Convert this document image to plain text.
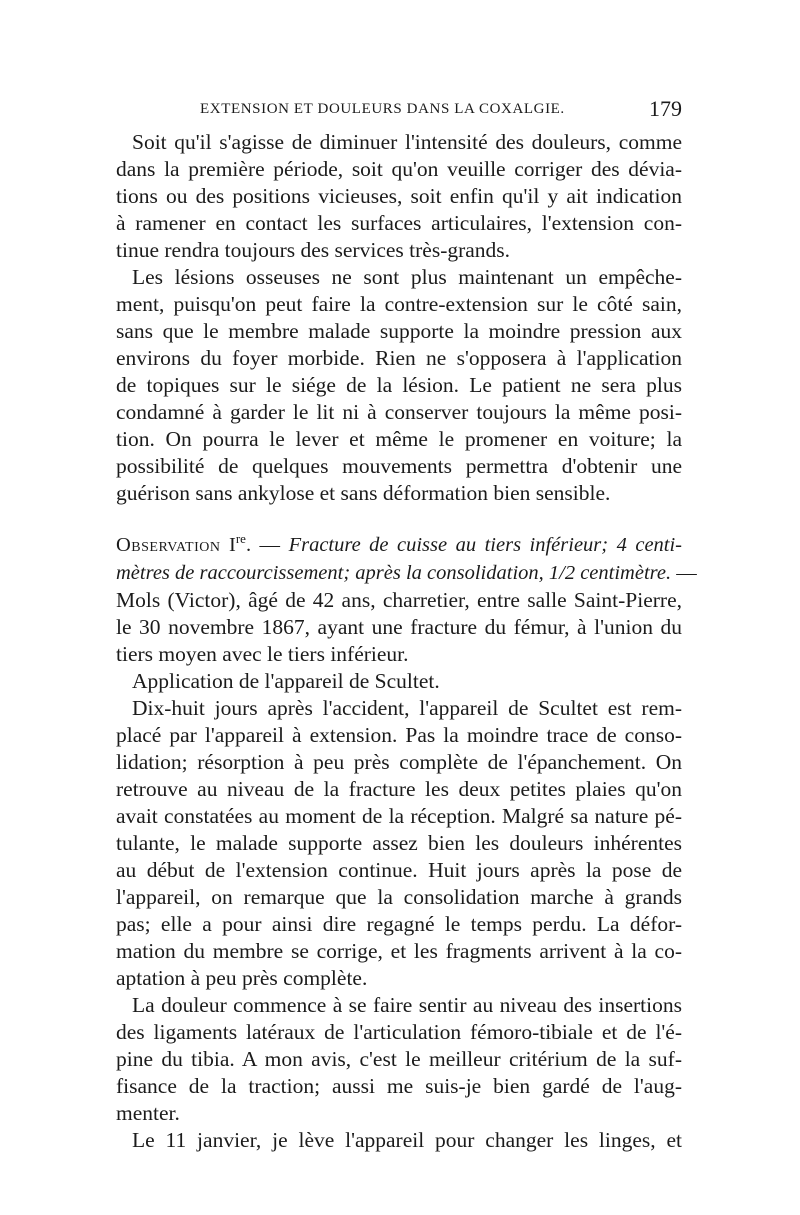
EXTENSION ET DOULEURS DANS LA COXALGIE.	179
Soit qu'il s'agisse de diminuer l'intensité des douleurs, comme
dans la première période, soit qu'on veuille corriger des dévia-
tions ou des positions vicieuses, soit enfin qu'il y ait indication
à ramener en contact les surfaces articulaires, l'extension con-
tinue rendra toujours des services très-grands.
Les lésions osseuses ne sont plus maintenant un empêche-
ment, puisqu'on peut faire la contre-extension sur le côté sain,
sans que le membre malade supporte la moindre pression aux
environs du foyer morbide. Rien ne s'opposera à l'application
de topiques sur le siége de la lésion. Le patient ne sera plus
condamné à garder le lit ni à conserver toujours la même posi-
tion. On pourra le lever et même le promener en voiture; la
possibilité de quelques mouvements permettra d'obtenir une
guérison sans ankylose et sans déformation bien sensible.
Observation Ire. — Fracture de cuisse au tiers inférieur; 4 centi-
mètres de raccourcissement; après la consolidation, 1/2 centimètre. —
Mols (Victor), âgé de 42 ans, charretier, entre salle Saint-Pierre,
le 30 novembre 1867, ayant une fracture du fémur, à l'union du
tiers moyen avec le tiers inférieur.
Application de l'appareil de Scultet.
Dix-huit jours après l'accident, l'appareil de Scultet est rem-
placé par l'appareil à extension. Pas la moindre trace de conso-
lidation; résorption à peu près complète de l'épanchement. On
retrouve au niveau de la fracture les deux petites plaies qu'on
avait constatées au moment de la réception. Malgré sa nature pé-
tulante, le malade supporte assez bien les douleurs inhérentes
au début de l'extension continue. Huit jours après la pose de
l'appareil, on remarque que la consolidation marche à grands
pas; elle a pour ainsi dire regagné le temps perdu. La défor-
mation du membre se corrige, et les fragments arrivent à la co-
aptation à peu près complète.
La douleur commence à se faire sentir au niveau des insertions
des ligaments latéraux de l'articulation fémoro-tibiale et de l'é-
pine du tibia. A mon avis, c'est le meilleur critérium de la suf-
fisance de la traction; aussi me suis-je bien gardé de l'aug-
menter.
Le 11 janvier, je lève l'appareil pour changer les linges, et
